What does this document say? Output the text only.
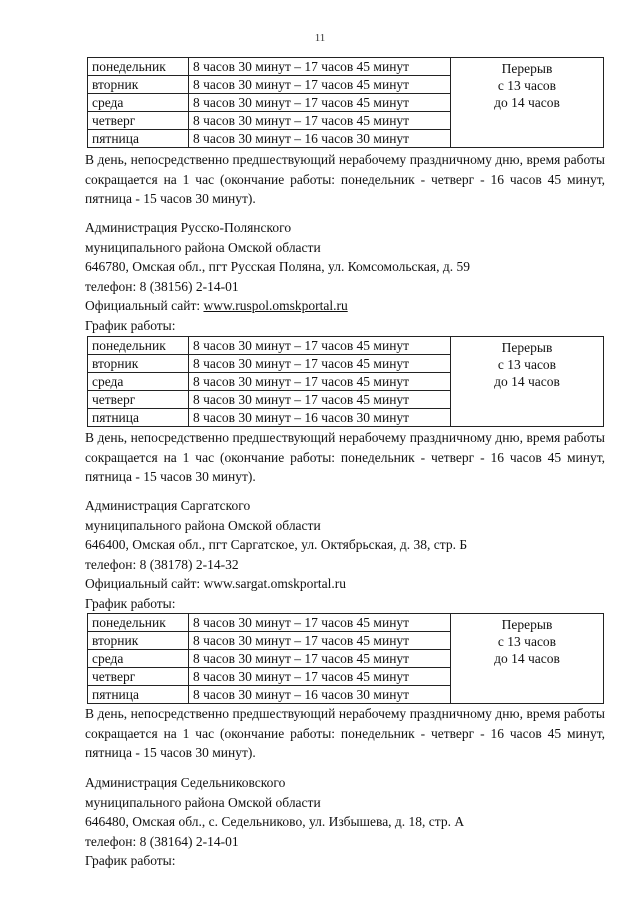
11
понедельник	8 часов 30 минут – 17 часов 45 минут	Перерыв
с 13 часов
до 14 часов

вторник	8 часов 30 минут – 17 часов 45 минут	
среда	8 часов 30 минут – 17 часов 45 минут	
четверг	8 часов 30 минут – 17 часов 45 минут	
пятница	8 часов 30 минут – 16 часов 30 минут	

В день, непосредственно предшествующий нерабочему праздничному дню, время работы сокращается на 1 час (окончание работы: понедельник - четверг - 16 часов 45 минут, пятница - 15 часов 30 минут).

Администрация Русско-Полянского
муниципального района Омской области
646780, Омская обл., пгт Русская Поляна, ул. Комсомольская, д. 59
телефон: 8 (38156) 2-14-01
Официальный сайт: www.ruspol.omskportal.ru
График работы:
понедельник	8 часов 30 минут – 17 часов 45 минут	Перерыв
с 13 часов
до 14 часов

вторник	8 часов 30 минут – 17 часов 45 минут	
среда	8 часов 30 минут – 17 часов 45 минут	
четверг	8 часов 30 минут – 17 часов 45 минут	
пятница	8 часов 30 минут – 16 часов 30 минут	

В день, непосредственно предшествующий нерабочему праздничному дню, время работы сокращается на 1 час (окончание работы: понедельник - четверг - 16 часов 45 минут, пятница - 15 часов 30 минут).

Администрация Саргатского
муниципального района Омской области
646400, Омская обл., пгт Саргатское, ул. Октябрьская, д. 38, стр. Б
телефон: 8 (38178) 2-14-32
Официальный сайт: www.sargat.omskportal.ru
График работы:
понедельник	8 часов 30 минут – 17 часов 45 минут	Перерыв
с 13 часов
до 14 часов

вторник	8 часов 30 минут – 17 часов 45 минут	
среда	8 часов 30 минут – 17 часов 45 минут	
четверг	8 часов 30 минут – 17 часов 45 минут	
пятница	8 часов 30 минут – 16 часов 30 минут	

В день, непосредственно предшествующий нерабочему праздничному дню, время работы сокращается на 1 час (окончание работы: понедельник - четверг - 16 часов 45 минут, пятница - 15 часов 30 минут).

Администрация Седельниковского
муниципального района Омской области
646480, Омская обл., с. Седельниково, ул. Избышева, д. 18, стр. А
телефон: 8 (38164) 2-14-01
График работы:
